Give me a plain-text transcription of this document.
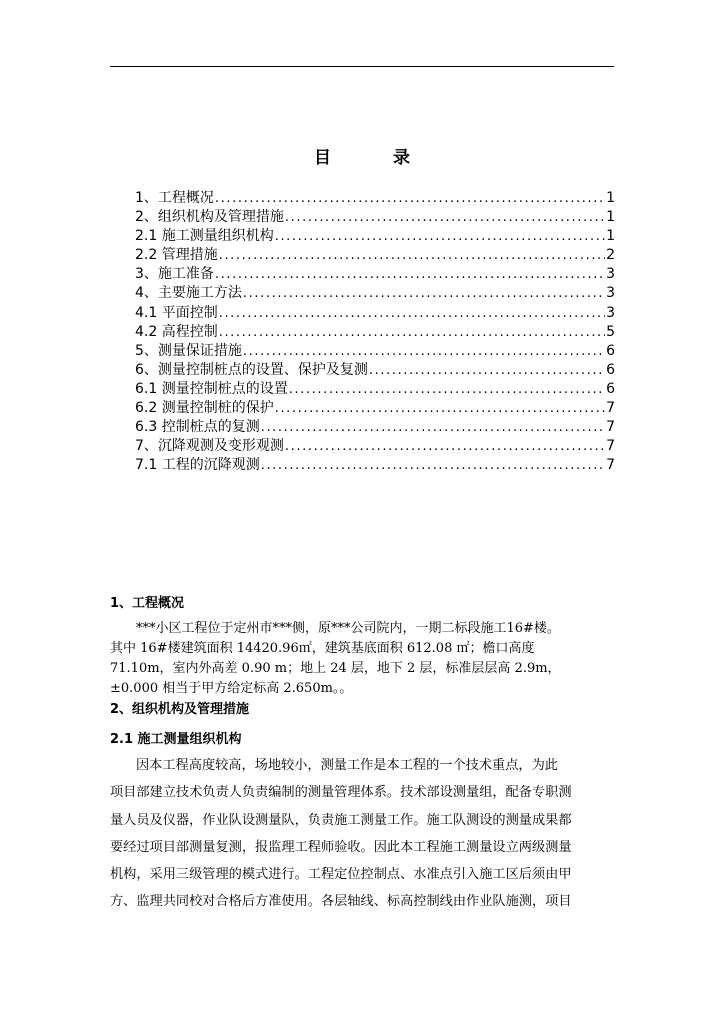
目	录
1、工程概况 .....	1
2、组织机构及管理措施 .....	1
2.1 施工测量组织机构 .....	1
2.2 管理措施 .....	2
3、施工准备 .....	3
4、主要施工方法 .....	3
4.1 平面控制 .....	3
4.2 高程控制 .....	5
5、测量保证措施 .....	6
6、测量控制桩点的设置、保护及复测 .....	6
6.1 测量控制桩点的设置 .....	6
6.2 测量控制桩的保护 .....	7
6.3 控制桩点的复测 .....	7
7、沉降观测及变形观测 .....	7
7.1 工程的沉降观测 .....	7
1、工程概况
***小区工程位于定州市***侧，原***公司院内，一期二标段施工16#楼。
其中 16#楼建筑面积 14420.96㎡，建筑基底面积 612.08 ㎡；檐口高度
71.10m，室内外高差 0.90 m；地上 24 层，地下 2 层，标准层层高 2.9m，
±0.000 相当于甲方给定标高 2.650m。。
2、组织机构及管理措施
2.1 施工测量组织机构
因本工程高度较高，场地较小，测量工作是本工程的一个技术重点，为此
项目部建立技术负责人负责编制的测量管理体系。技术部设测量组，配备专职测
量人员及仪器，作业队设测量队，负责施工测量工作。施工队测设的测量成果都
要经过项目部测量复测，报监理工程师验收。因此本工程施工测量设立两级测量
机构，采用三级管理的模式进行。工程定位控制点、水准点引入施工区后须由甲
方、监理共同校对合格后方准使用。各层轴线、标高控制线由作业队施测，项目
